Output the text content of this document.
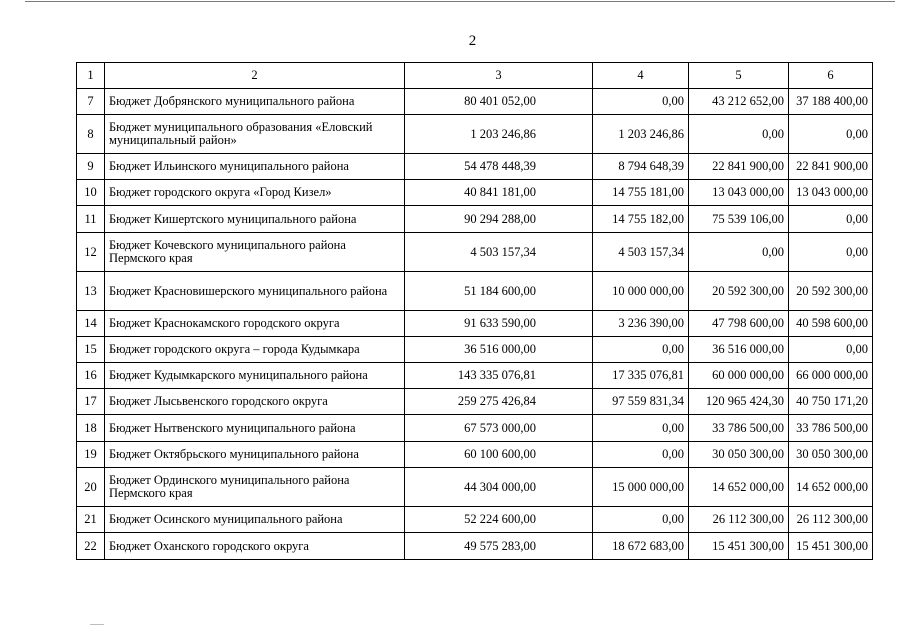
2
1	2	3	4	5	6
7	Бюджет Добрянского муниципального района	80 401 052,00	0,00	43 212 652,00	37 188 400,00
8	Бюджет муниципального образования «Еловский муниципальный район»	1 203 246,86	1 203 246,86	0,00	0,00
9	Бюджет Ильинского муниципального района	54 478 448,39	8 794 648,39	22 841 900,00	22 841 900,00
10	Бюджет городского округа «Город Кизел»	40 841 181,00	14 755 181,00	13 043 000,00	13 043 000,00
11	Бюджет Кишертского муниципального района	90 294 288,00	14 755 182,00	75 539 106,00	0,00
12	Бюджет Кочевского муниципального района Пермского края	4 503 157,34	4 503 157,34	0,00	0,00
13	Бюджет Красновишерского муниципального района	51 184 600,00	10 000 000,00	20 592 300,00	20 592 300,00
14	Бюджет Краснокамского городского округа	91 633 590,00	3 236 390,00	47 798 600,00	40 598 600,00
15	Бюджет городского округа – города Кудымкара	36 516 000,00	0,00	36 516 000,00	0,00
16	Бюджет Кудымкарского муниципального района	143 335 076,81	17 335 076,81	60 000 000,00	66 000 000,00
17	Бюджет Лысьвенского городского округа	259 275 426,84	97 559 831,34	120 965 424,30	40 750 171,20
18	Бюджет Нытвенского муниципального района	67 573 000,00	0,00	33 786 500,00	33 786 500,00
19	Бюджет Октябрьского муниципального района	60 100 600,00	0,00	30 050 300,00	30 050 300,00
20	Бюджет Ординского муниципального района Пермского края	44 304 000,00	15 000 000,00	14 652 000,00	14 652 000,00
21	Бюджет Осинского муниципального района	52 224 600,00	0,00	26 112 300,00	26 112 300,00
22	Бюджет Оханского городского округа	49 575 283,00	18 672 683,00	15 451 300,00	15 451 300,00
